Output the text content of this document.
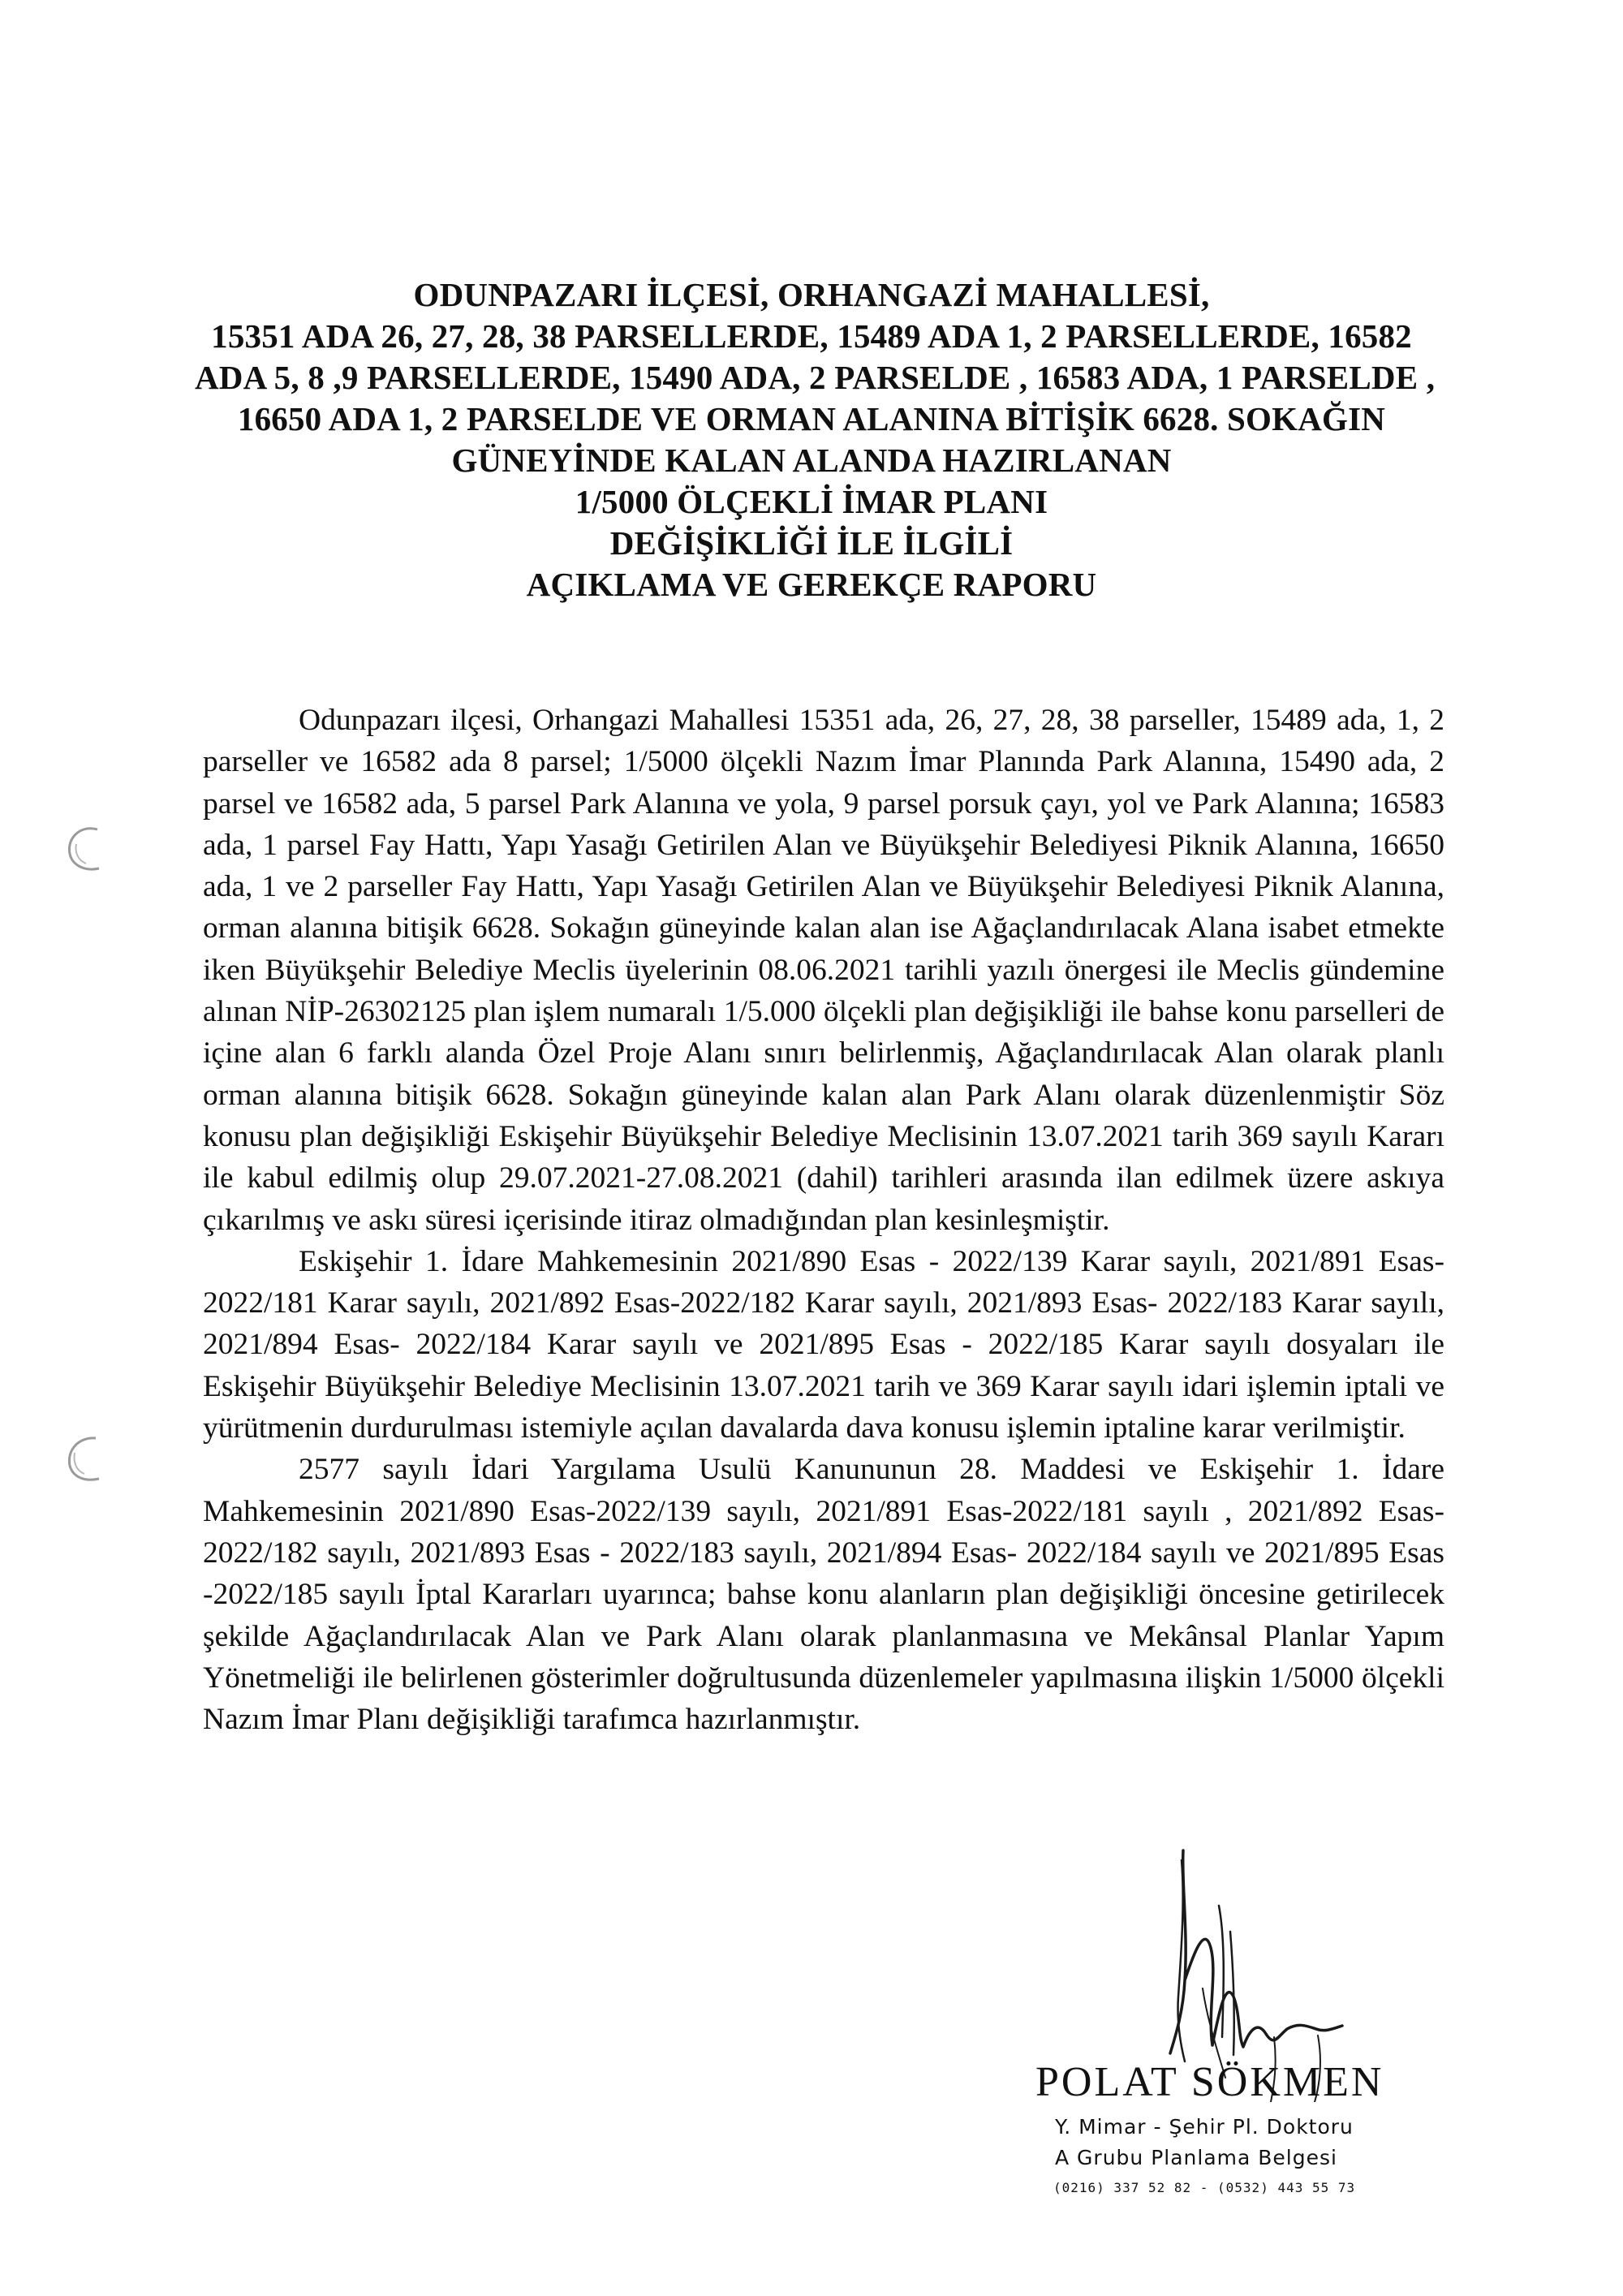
ODUNPAZARI İLÇESİ, ORHANGAZİ MAHALLESİ,
15351 ADA 26, 27, 28, 38 PARSELLERDE, 15489 ADA 1, 2 PARSELLERDE, 16582
ADA 5, 8 ,9 PARSELLERDE, 15490 ADA, 2 PARSELDE , 16583 ADA, 1 PARSELDE ,
16650 ADA 1, 2 PARSELDE VE ORMAN ALANINA BİTİŞİK 6628. SOKAĞIN
GÜNEYİNDE KALAN ALANDA HAZIRLANAN
1/5000 ÖLÇEKLİ İMAR PLANI
DEĞİŞİKLİĞİ İLE İLGİLİ
AÇIKLAMA VE GEREKÇE RAPORU

Odunpazarı ilçesi, Orhangazi Mahallesi 15351 ada, 26, 27, 28, 38 parseller, 15489 ada, 1, 2 parseller ve 16582 ada 8 parsel; 1/5000 ölçekli Nazım İmar Planında Park Alanına, 15490 ada, 2 parsel ve 16582 ada, 5 parsel Park Alanına ve yola, 9 parsel porsuk çayı, yol ve Park Alanına; 16583 ada, 1 parsel Fay Hattı, Yapı Yasağı Getirilen Alan ve Büyükşehir Belediyesi Piknik Alanına, 16650 ada, 1 ve 2 parseller Fay Hattı, Yapı Yasağı Getirilen Alan ve Büyükşehir Belediyesi Piknik Alanına, orman alanına bitişik 6628. Sokağın güneyinde kalan alan ise Ağaçlandırılacak Alana isabet etmekte iken Büyükşehir Belediye Meclis üyelerinin 08.06.2021 tarihli yazılı önergesi ile Meclis gündemine alınan NİP-26302125 plan işlem numaralı 1/5.000 ölçekli plan değişikliği ile bahse konu parselleri de içine alan 6 farklı alanda Özel Proje Alanı sınırı belirlenmiş, Ağaçlandırılacak Alan olarak planlı orman alanına bitişik 6628. Sokağın güneyinde kalan alan Park Alanı olarak düzenlenmiştir Söz konusu plan değişikliği Eskişehir Büyükşehir Belediye Meclisinin 13.07.2021 tarih 369 sayılı Kararı ile kabul edilmiş olup 29.07.2021-27.08.2021 (dahil) tarihleri arasında ilan edilmek üzere askıya çıkarılmış ve askı süresi içerisinde itiraz olmadığından plan kesinleşmiştir.

Eskişehir 1. İdare Mahkemesinin 2021/890 Esas - 2022/139 Karar sayılı, 2021/891 Esas- 2022/181 Karar sayılı, 2021/892 Esas-2022/182 Karar sayılı, 2021/893 Esas- 2022/183 Karar sayılı, 2021/894 Esas- 2022/184 Karar sayılı ve 2021/895 Esas - 2022/185 Karar sayılı dosyaları ile Eskişehir Büyükşehir Belediye Meclisinin 13.07.2021 tarih ve 369 Karar sayılı idari işlemin iptali ve yürütmenin durdurulması istemiyle açılan davalarda dava konusu işlemin iptaline karar verilmiştir.

2577 sayılı İdari Yargılama Usulü Kanununun 28. Maddesi ve Eskişehir 1. İdare Mahkemesinin 2021/890 Esas-2022/139 sayılı, 2021/891 Esas-2022/181 sayılı , 2021/892 Esas-2022/182 sayılı, 2021/893 Esas - 2022/183 sayılı, 2021/894 Esas- 2022/184 sayılı ve 2021/895 Esas -2022/185 sayılı İptal Kararları uyarınca; bahse konu alanların plan değişikliği öncesine getirilecek şekilde Ağaçlandırılacak Alan ve Park Alanı olarak planlanmasına ve Mekânsal Planlar Yapım Yönetmeliği ile belirlenen gösterimler doğrultusunda düzenlemeler yapılmasına ilişkin 1/5000 ölçekli Nazım İmar Planı değişikliği tarafımca hazırlanmıştır.

POLAT SÖKMEN
Y. Mimar - Şehir Pl. Doktoru
A Grubu Planlama Belgesi
(0216) 337 52 82 - (0532) 443 55 73
